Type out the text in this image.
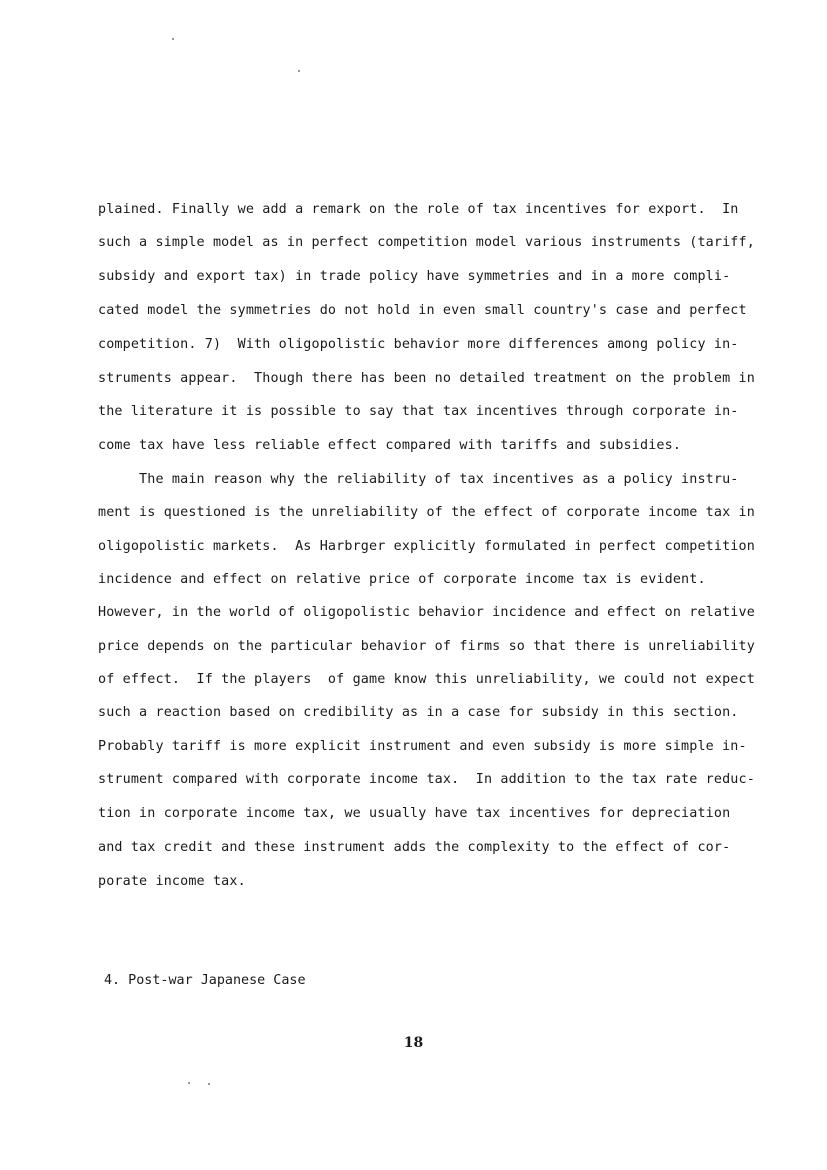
plained. Finally we add a remark on the role of tax incentives for export.  In
such a simple model as in perfect competition model various instruments (tariff,
subsidy and export tax) in trade policy have symmetries and in a more compli-
cated model the symmetries do not hold in even small country's case and perfect
competition. 7)  With oligopolistic behavior more differences among policy in-
struments appear.  Though there has been no detailed treatment on the problem in
the literature it is possible to say that tax incentives through corporate in-
come tax have less reliable effect compared with tariffs and subsidies.
The main reason why the reliability of tax incentives as a policy instru-
ment is questioned is the unreliability of the effect of corporate income tax in
oligopolistic markets.  As Harbrger explicitly formulated in perfect competition
incidence and effect on relative price of corporate income tax is evident.
However, in the world of oligopolistic behavior incidence and effect on relative
price depends on the particular behavior of firms so that there is unreliability
of effect.  If the players  of game know this unreliability, we could not expect
such a reaction based on credibility as in a case for subsidy in this section.
Probably tariff is more explicit instrument and even subsidy is more simple in-
strument compared with corporate income tax.  In addition to the tax rate reduc-
tion in corporate income tax, we usually have tax incentives for depreciation
and tax credit and these instrument adds the complexity to the effect of cor-
porate income tax.
4. Post-war Japanese Case
18
